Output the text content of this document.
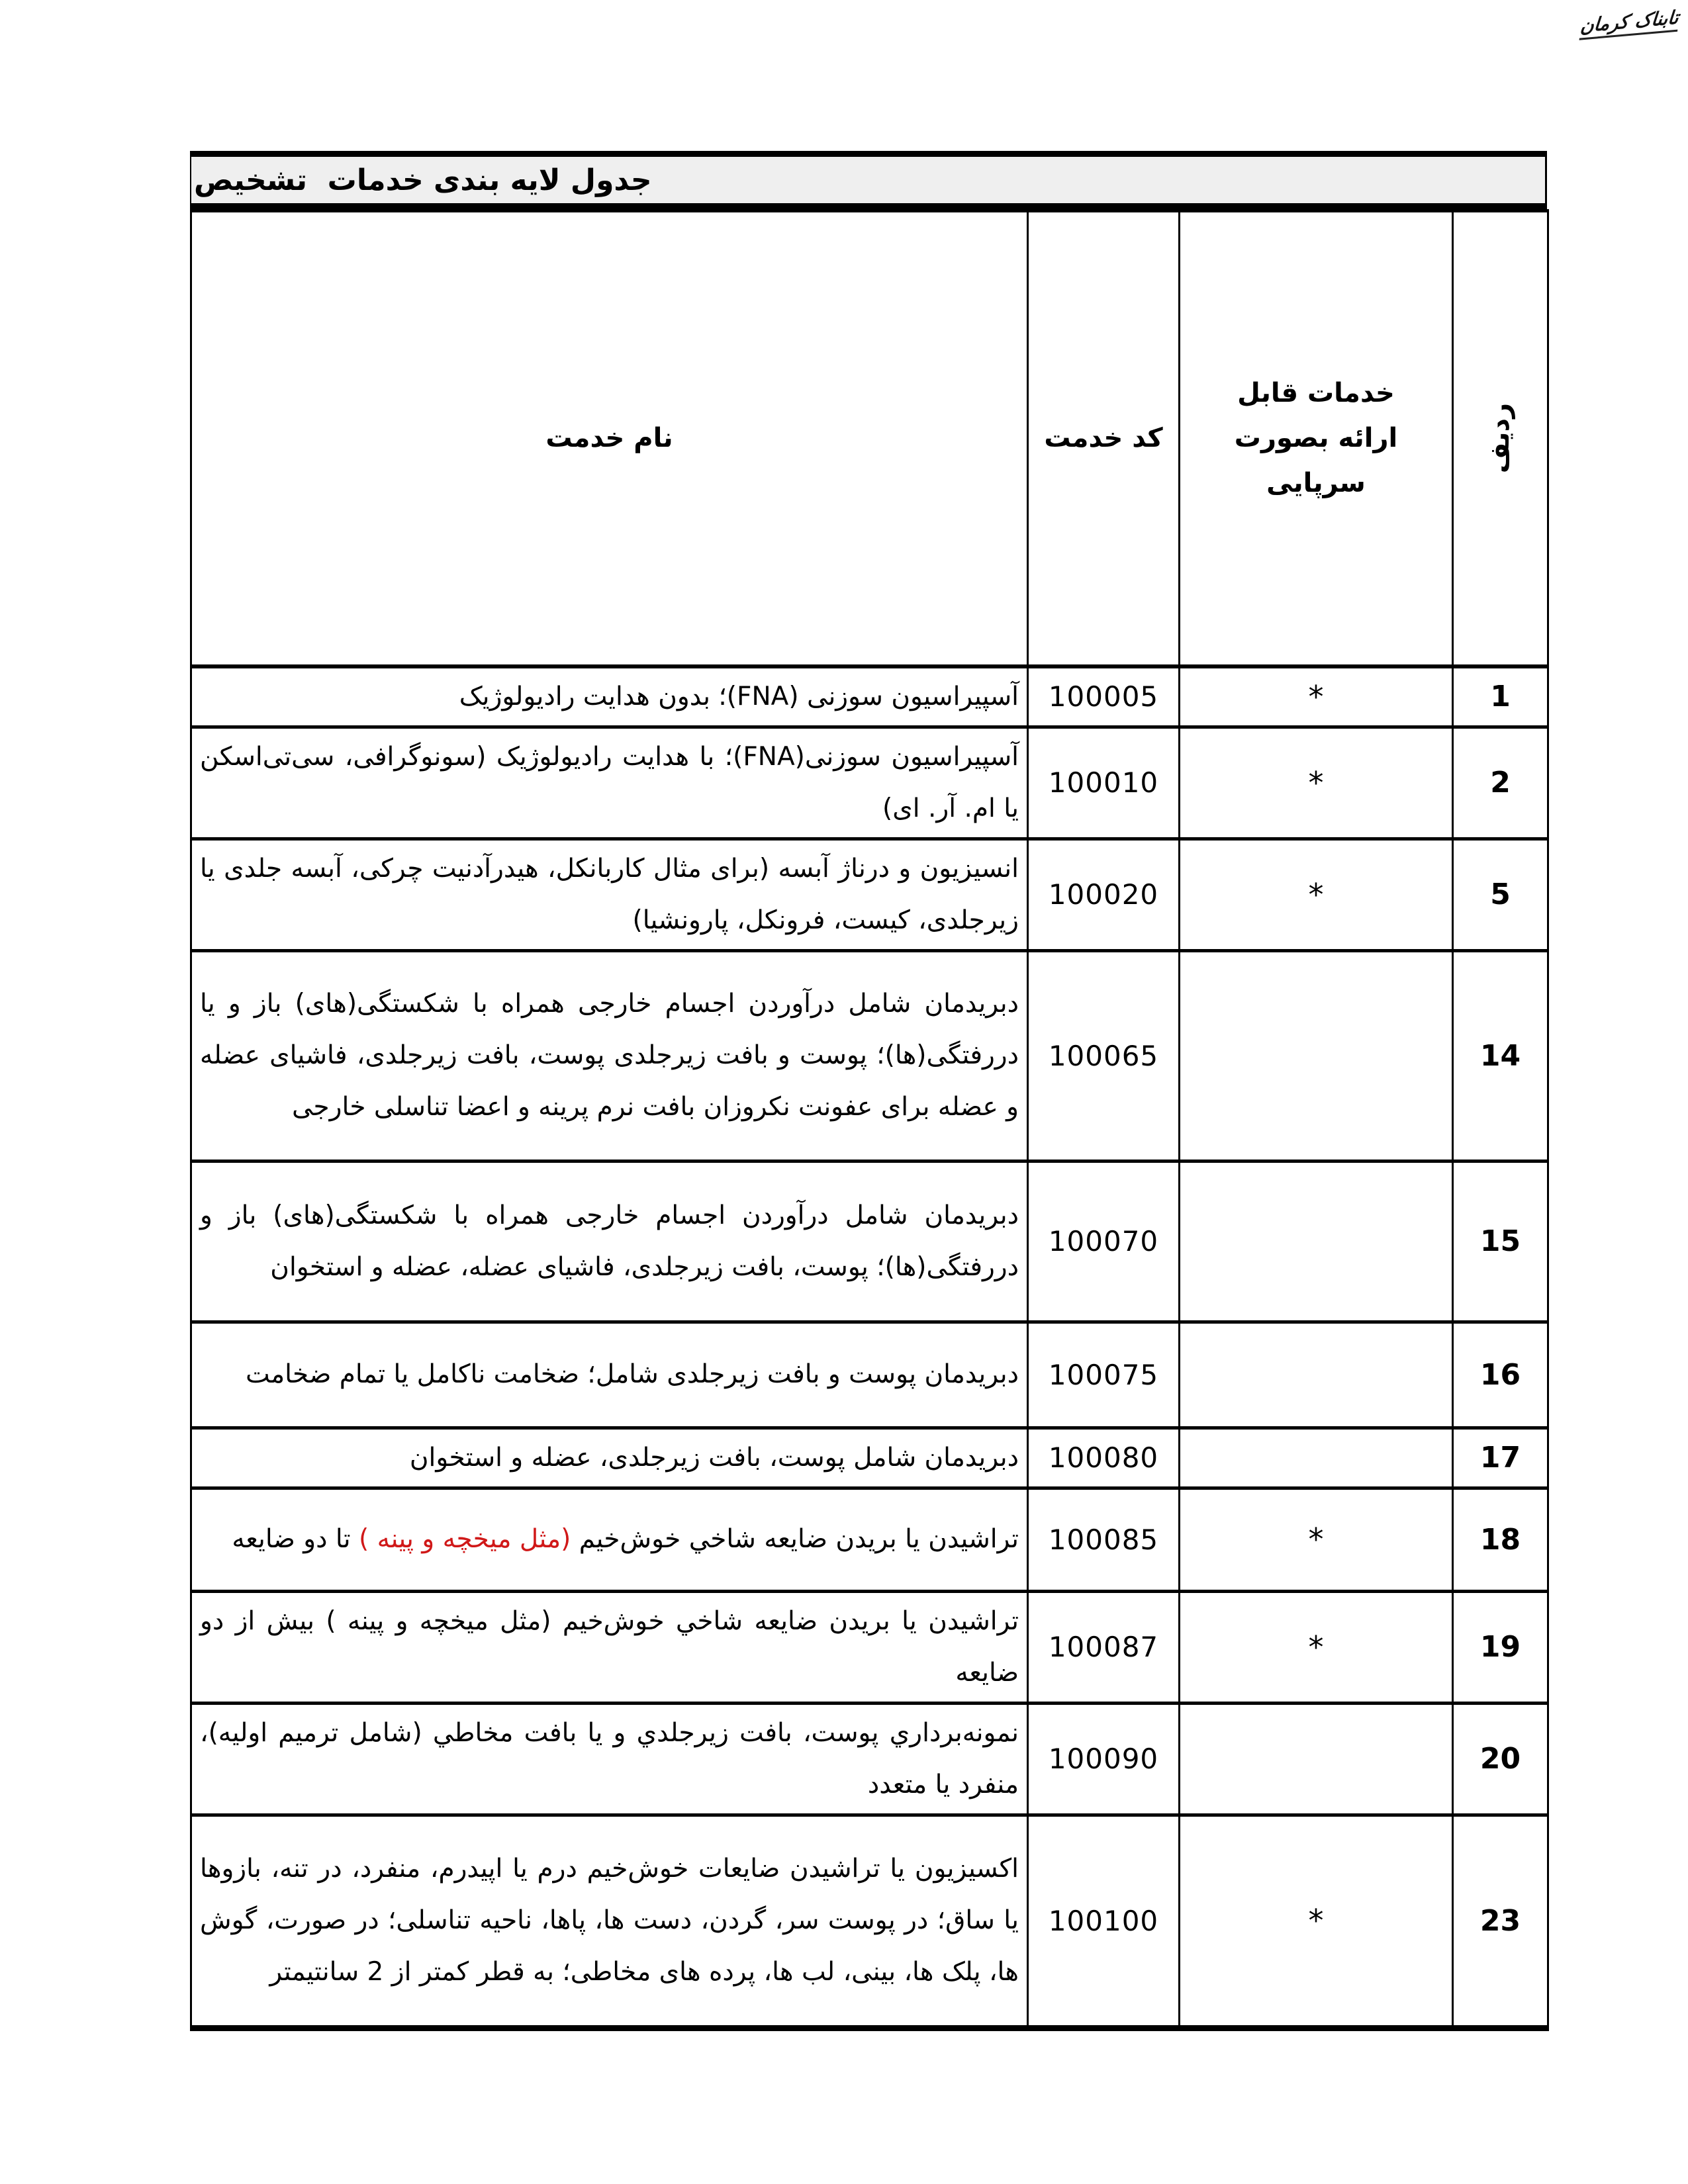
تابناک کرمان
جدول لایه بندی خدمات  تشخیص
ردیف	خدمات قابل ارائه بصورت سرپایی	کد خدمت	نام خدمت
1	*	100005	آسپیراسیون سوزنی (FNA)؛ بدون هدایت رادیولوژیک
2	*	100010	آسپیراسیون سوزنی(FNA)؛ با هدایت رادیولوژیک (سونوگرافی، سی‌تی‌اسکن یا ام. آر. ای)
5	*	100020	انسیزیون و درناژ آبسه (برای مثال کاربانکل، هیدرآدنیت چرکی، آبسه جلدی یا زیرجلدی، کیست، فرونکل، پارونشیا)
14		100065	دبریدمان شامل درآوردن اجسام خارجی همراه با شکستگی(های) باز و یا دررفتگی(ها)؛ پوست و بافت زیرجلدی پوست، بافت زیرجلدی، فاشیای عضله و عضله برای عفونت نکروزان بافت نرم پرینه و اعضا تناسلی خارجی
15		100070	دبریدمان شامل درآوردن اجسام خارجی همراه با شکستگی(های) باز و دررفتگی(ها)؛ پوست، بافت زیرجلدی، فاشیای عضله، عضله و استخوان
16		100075	دبریدمان پوست و بافت زیرجلدی شامل؛ ضخامت ناکامل یا تمام ضخامت
17		100080	دبریدمان شامل پوست، بافت زیرجلدی، عضله و استخوان
18	*	100085	تراشیدن یا بریدن ضایعه شاخي خوش‌خیم (مثل میخچه و پینه ) تا دو ضایعه
19	*	100087	تراشیدن یا بریدن ضایعه شاخي خوش‌خیم (مثل میخچه و پینه ) بیش از دو ضایعه
20		100090	نمونه‌برداري پوست، بافت زیرجلدي و یا بافت مخاطي (شامل ترمیم اولیه)، منفرد یا متعدد
23	*	100100	اکسیزیون یا تراشیدن ضایعات خوش‌خیم درم یا اپیدرم، منفرد، در تنه، بازوها یا ساق؛ در پوست سر، گردن، دست ها، پاها، ناحیه تناسلی؛ در صورت، گوش ها، پلک ها، بینی، لب ها، پرده های مخاطی؛ به قطر کمتر از 2 سانتیمتر
